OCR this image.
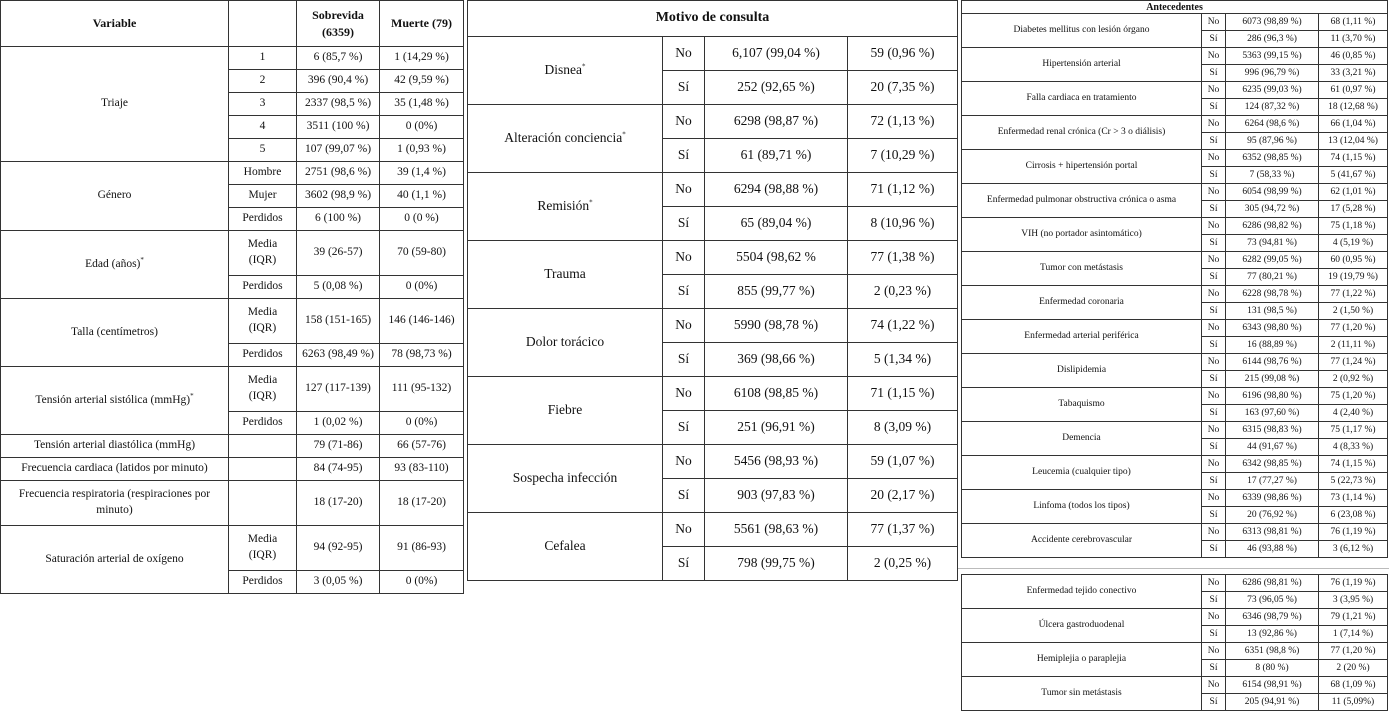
Variable		Sobrevida (6359)	Muerte (79)
Triaje	1	6 (85,7 %)	1 (14,29 %)
	2	396 (90,4 %)	42 (9,59 %)
	3	2337 (98,5 %)	35 (1,48 %)
	4	3511 (100 %)	0 (0%)
	5	107 (99,07 %)	1 (0,93 %)
Género	Hombre	2751 (98,6 %)	39 (1,4 %)
	Mujer	3602 (98,9 %)	40 (1,1 %)
	Perdidos	6 (100 %)	0 (0 %)
Edad (años)*	Media (IQR)	39 (26-57)	70 (59-80)
	Perdidos	5 (0,08 %)	0 (0%)
Talla (centímetros)	Media (IQR)	158 (151-165)	146 (146-146)
	Perdidos	6263 (98,49 %)	78 (98,73 %)
Tensión arterial sistólica (mmHg)*	Media (IQR)	127 (117-139)	111 (95-132)
	Perdidos	1 (0,02 %)	0 (0%)
Tensión arterial diastólica (mmHg)		79 (71-86)	66 (57-76)
Frecuencia cardiaca (latidos por minuto)		84 (74-95)	93 (83-110)
Frecuencia respiratoria (respiraciones por minuto)		18 (17-20)	18 (17-20)
Saturación arterial de oxígeno	Media (IQR)	94 (92-95)	91 (86-93)
	Perdidos	3 (0,05 %)	0 (0%)
Motivo de consulta			
Disnea*	No	6,107 (99,04 %)	59 (0,96 %)
	Sí	252 (92,65 %)	20 (7,35 %)
Alteración conciencia*	No	6298 (98,87 %)	72 (1,13 %)
	Sí	61 (89,71 %)	7 (10,29 %)
Remisión*	No	6294 (98,88 %)	71 (1,12 %)
	Sí	65 (89,04 %)	8 (10,96 %)
Trauma	No	5504 (98,62 %	77 (1,38 %)
	Sí	855 (99,77 %)	2 (0,23 %)
Dolor torácico	No	5990 (98,78 %)	74 (1,22 %)
	Sí	369 (98,66 %)	5 (1,34 %)
Fiebre	No	6108 (98,85 %)	71 (1,15 %)
	Sí	251 (96,91 %)	8 (3,09 %)
Sospecha infección	No	5456 (98,93 %)	59 (1,07 %)
	Sí	903 (97,83 %)	20 (2,17 %)
Cefalea	No	5561 (98,63 %)	77 (1,37 %)
	Sí	798 (99,75 %)	2 (0,25 %)
Antecedentes			
Diabetes mellitus con lesión órgano	No	6073 (98,89 %)	68 (1,11 %)
	Sí	286 (96,3 %)	11 (3,70 %)
Hipertensión arterial	No	5363 (99,15 %)	46 (0,85 %)
	Sí	996 (96,79 %)	33 (3,21 %)
Falla cardiaca en tratamiento	No	6235 (99,03 %)	61 (0,97 %)
	Sí	124 (87,32 %)	18 (12,68 %)
Enfermedad renal crónica (Cr > 3 o diálisis)	No	6264 (98,6 %)	66 (1,04 %)
	Sí	95 (87,96 %)	13 (12,04 %)
Cirrosis + hipertensión portal	No	6352 (98,85 %)	74 (1,15 %)
	Sí	7 (58,33 %)	5 (41,67 %)
Enfermedad pulmonar obstructiva crónica o asma	No	6054 (98,99 %)	62 (1,01 %)
	Sí	305 (94,72 %)	17 (5,28 %)
VIH (no portador asintomático)	No	6286 (98,82 %)	75 (1,18 %)
	Sí	73 (94,81 %)	4 (5,19 %)
Tumor con metástasis	No	6282 (99,05 %)	60 (0,95 %)
	Sí	77 (80,21 %)	19 (19,79 %)
Enfermedad coronaria	No	6228 (98,78 %)	77 (1,22 %)
	Sí	131 (98,5 %)	2 (1,50 %)
Enfermedad arterial periférica	No	6343 (98,80 %)	77 (1,20 %)
	Sí	16 (88,89 %)	2 (11,11 %)
Dislipidemia	No	6144 (98,76 %)	77 (1,24 %)
	Sí	215 (99,08 %)	2 (0,92 %)
Tabaquismo	No	6196 (98,80 %)	75 (1,20 %)
	Sí	163 (97,60 %)	4 (2,40 %)
Demencia	No	6315 (98,83 %)	75 (1,17 %)
	Sí	44 (91,67 %)	4 (8,33 %)
Leucemia (cualquier tipo)	No	6342 (98,85 %)	74 (1,15 %)
	Sí	17 (77,27 %)	5 (22,73 %)
Linfoma (todos los tipos)	No	6339 (98,86 %)	73 (1,14 %)
	Sí	20 (76,92 %)	6 (23,08 %)
Accidente cerebrovascular	No	6313 (98,81 %)	76 (1,19 %)
	Sí	46 (93,88 %)	3 (6,12 %)
Enfermedad tejido conectivo	No	6286 (98,81 %)	76 (1,19 %)
	Sí	73 (96,05 %)	3 (3,95 %)
Úlcera gastroduodenal	No	6346 (98,79 %)	79 (1,21 %)
	Sí	13 (92,86 %)	1 (7,14 %)
Hemiplejia o paraplejia	No	6351 (98,8 %)	77 (1,20 %)
	Sí	8 (80 %)	2 (20 %)
Tumor sin metástasis	No	6154 (98,91 %)	68 (1,09 %)
	Sí	205 (94,91 %)	11 (5,09%)
